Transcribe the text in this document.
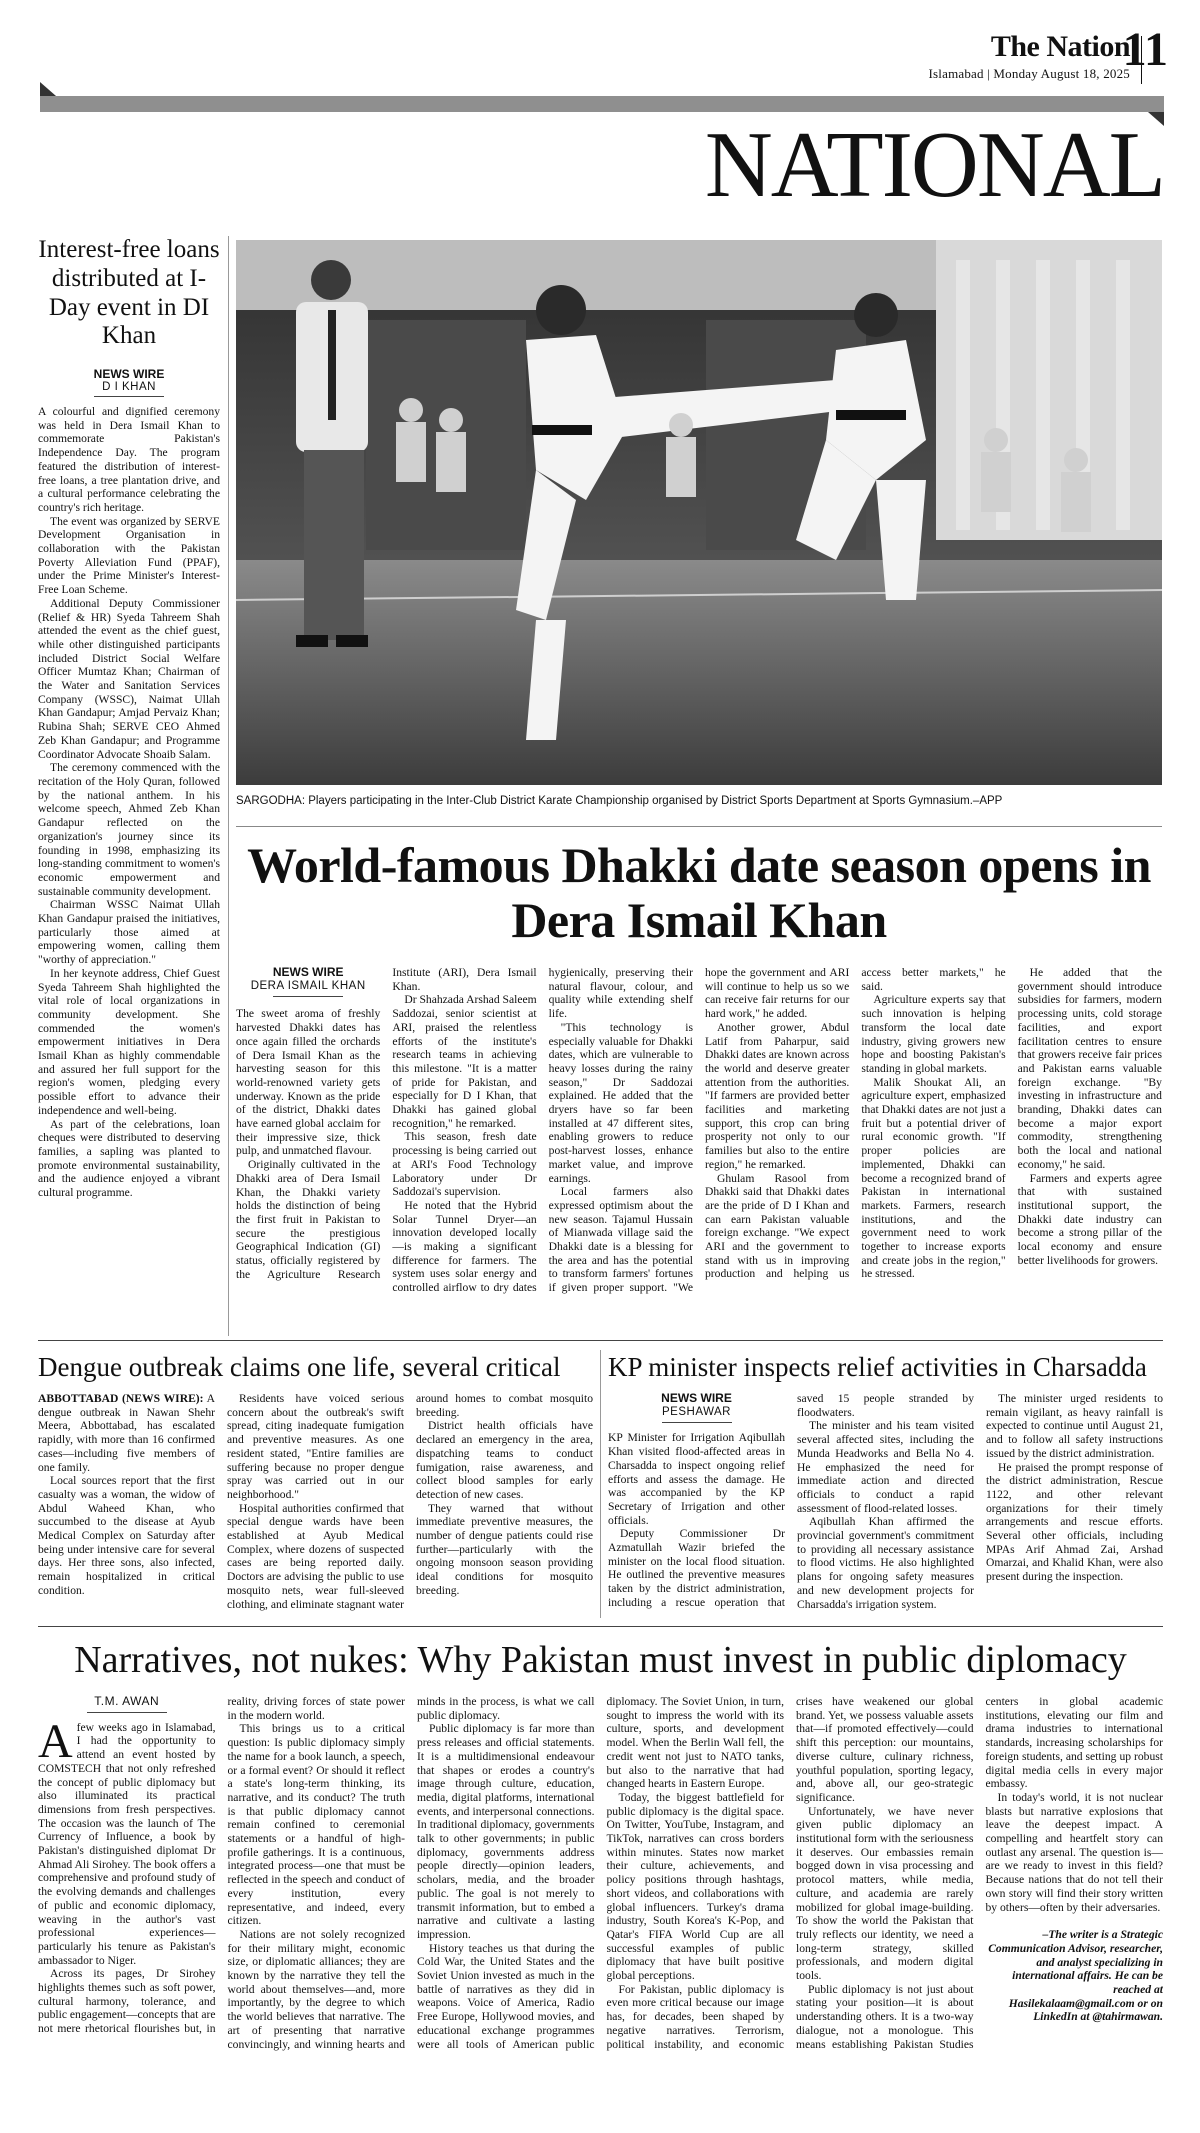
The Nation
Islamabad | Monday August 18, 2025
11
NATIONAL
Interest-free loans distributed at I-Day event in DI Khan
NEWS WIRE
D I KHAN

A colourful and dignified ceremony was held in Dera Ismail Khan to commemorate Pakistan's Independence Day. The program featured the distribution of interest-free loans, a tree plantation drive, and a cultural performance celebrating the country's rich heritage.

The event was organized by SERVE Development Organisation in collaboration with the Pakistan Poverty Alleviation Fund (PPAF), under the Prime Minister's Interest-Free Loan Scheme.

Additional Deputy Commissioner (Relief & HR) Syeda Tahreem Shah attended the event as the chief guest, while other distinguished participants included District Social Welfare Officer Mumtaz Khan; Chairman of the Water and Sanitation Services Company (WSSC), Naimat Ullah Khan Gandapur; Amjad Pervaiz Khan; Rubina Shah; SERVE CEO Ahmed Zeb Khan Gandapur; and Programme Coordinator Advocate Shoaib Salam.

The ceremony commenced with the recitation of the Holy Quran, followed by the national anthem. In his welcome speech, Ahmed Zeb Khan Gandapur reflected on the organization's journey since its founding in 1998, emphasizing its long-standing commitment to women's economic empowerment and sustainable community development.

Chairman WSSC Naimat Ullah Khan Gandapur praised the initiatives, particularly those aimed at empowering women, calling them "worthy of appreciation."

In her keynote address, Chief Guest Syeda Tahreem Shah highlighted the vital role of local organizations in community development. She commended the women's empowerment initiatives in Dera Ismail Khan as highly commendable and assured her full support for the region's women, pledging every possible effort to advance their independence and well-being.

As part of the celebrations, loan cheques were distributed to deserving families, a sapling was planted to promote environmental sustainability, and the audience enjoyed a vibrant cultural programme.

SARGODHA: Players participating in the Inter-Club District Karate Championship organised by District Sports Department at Sports Gymnasium.–APP
World-famous Dhakki date season opens in Dera Ismail Khan
NEWS WIRE
DERA ISMAIL KHAN

The sweet aroma of freshly harvested Dhakki dates has once again filled the orchards of Dera Ismail Khan as the harvesting season for this world-renowned variety gets underway. Known as the pride of the district, Dhakki dates have earned global acclaim for their impressive size, thick pulp, and unmatched flavour.

Originally cultivated in the Dhakki area of Dera Ismail Khan, the Dhakki variety holds the distinction of being the first fruit in Pakistan to secure the prestigious Geographical Indication (GI) status, officially registered by the Agriculture Research Institute (ARI), Dera Ismail Khan.

Dr Shahzada Arshad Saleem Saddozai, senior scientist at ARI, praised the relentless efforts of the institute's research teams in achieving this milestone. "It is a matter of pride for Pakistan, and especially for D I Khan, that Dhakki has gained global recognition," he remarked.

This season, fresh date processing is being carried out at ARI's Food Technology Laboratory under Dr Saddozai's supervision.

He noted that the Hybrid Solar Tunnel Dryer—an innovation developed locally—is making a significant difference for farmers. The system uses solar energy and controlled airflow to dry dates hygienically, preserving their natural flavour, colour, and quality while extending shelf life.

"This technology is especially valuable for Dhakki dates, which are vulnerable to heavy losses during the rainy season," Dr Saddozai explained. He added that the dryers have so far been installed at 47 different sites, enabling growers to reduce post-harvest losses, enhance market value, and improve earnings.

Local farmers also expressed optimism about the new season. Tajamul Hussain of Mianwada village said the Dhakki date is a blessing for the area and has the potential to transform farmers' fortunes if given proper support. "We hope the government and ARI will continue to help us so we can receive fair returns for our hard work," he added.

Another grower, Abdul Latif from Paharpur, said Dhakki dates are known across the world and deserve greater attention from the authorities. "If farmers are provided better facilities and marketing support, this crop can bring prosperity not only to our families but also to the entire region," he remarked.

Ghulam Rasool from Dhakki said that Dhakki dates are the pride of D I Khan and can earn Pakistan valuable foreign exchange. "We expect ARI and the government to stand with us in improving production and helping us access better markets," he said.

Agriculture experts say that such innovation is helping transform the local date industry, giving growers new hope and boosting Pakistan's standing in global markets.

Malik Shoukat Ali, an agriculture expert, emphasized that Dhakki dates are not just a fruit but a potential driver of rural economic growth. "If proper policies are implemented, Dhakki can become a recognized brand of Pakistan in international markets. Farmers, research institutions, and the government need to work together to increase exports and create jobs in the region," he stressed.

He added that the government should introduce subsidies for farmers, modern processing units, cold storage facilities, and export facilitation centres to ensure that growers receive fair prices and Pakistan earns valuable foreign exchange. "By investing in infrastructure and branding, Dhakki dates can become a major export commodity, strengthening both the local and national economy," he said.

Farmers and experts agree that with sustained institutional support, the Dhakki date industry can become a strong pillar of the local economy and ensure better livelihoods for growers.

Dengue outbreak claims one life, several critical

ABBOTTABAD (NEWS WIRE): A dengue outbreak in Nawan Shehr Meera, Abbottabad, has escalated rapidly, with more than 16 confirmed cases—including five members of one family.

Local sources report that the first casualty was a woman, the widow of Abdul Waheed Khan, who succumbed to the disease at Ayub Medical Complex on Saturday after being under intensive care for several days. Her three sons, also infected, remain hospitalized in critical condition.

Residents have voiced serious concern about the outbreak's swift spread, citing inadequate fumigation and preventive measures. As one resident stated, "Entire families are suffering because no proper dengue spray was carried out in our neighborhood."

Hospital authorities confirmed that special dengue wards have been established at Ayub Medical Complex, where dozens of suspected cases are being reported daily. Doctors are advising the public to use mosquito nets, wear full-sleeved clothing, and eliminate stagnant water around homes to combat mosquito breeding.

District health officials have declared an emergency in the area, dispatching teams to conduct fumigation, raise awareness, and collect blood samples for early detection of new cases.

They warned that without immediate preventive measures, the number of dengue patients could rise further—particularly with the ongoing monsoon season providing ideal conditions for mosquito breeding.

KP minister inspects relief activities in Charsadda
NEWS WIRE
PESHAWAR

KP Minister for Irrigation Aqibullah Khan visited flood-affected areas in Charsadda to inspect ongoing relief efforts and assess the damage. He was accompanied by the KP Secretary of Irrigation and other officials.

Deputy Commissioner Dr Azmatullah Wazir briefed the minister on the local flood situation. He outlined the preventive measures taken by the district administration, including a rescue operation that saved 15 people stranded by floodwaters.

The minister and his team visited several affected sites, including the Munda Headworks and Bella No 4. He emphasized the need for immediate action and directed officials to conduct a rapid assessment of flood-related losses.

Aqibullah Khan affirmed the provincial government's commitment to providing all necessary assistance to flood victims. He also highlighted plans for ongoing safety measures and new development projects for Charsadda's irrigation system.

The minister urged residents to remain vigilant, as heavy rainfall is expected to continue until August 21, and to follow all safety instructions issued by the district administration.

He praised the prompt response of the district administration, Rescue 1122, and other relevant organizations for their timely arrangements and rescue efforts. Several other officials, including MPAs Arif Ahmad Zai, Arshad Omarzai, and Khalid Khan, were also present during the inspection.

Narratives, not nukes: Why Pakistan must invest in public diplomacy
T.M. AWAN

Afew weeks ago in Islamabad, I had the opportunity to attend an event hosted by COMSTECH that not only refreshed the concept of public diplomacy but also illuminated its practical dimensions from fresh perspectives. The occasion was the launch of The Currency of Influence, a book by Pakistan's distinguished diplomat Dr Ahmad Ali Sirohey. The book offers a comprehensive and profound study of the evolving demands and challenges of public and economic diplomacy, weaving in the author's vast professional experiences—particularly his tenure as Pakistan's ambassador to Niger.

Across its pages, Dr Sirohey highlights themes such as soft power, cultural harmony, tolerance, and public engagement—concepts that are not mere rhetorical flourishes but, in reality, driving forces of state power in the modern world.

This brings us to a critical question: Is public diplomacy simply the name for a book launch, a speech, or a formal event? Or should it reflect a state's long-term thinking, its narrative, and its conduct? The truth is that public diplomacy cannot remain confined to ceremonial statements or a handful of high-profile gatherings. It is a continuous, integrated process—one that must be reflected in the speech and conduct of every institution, every representative, and indeed, every citizen.

Nations are not solely recognized for their military might, economic size, or diplomatic alliances; they are known by the narrative they tell the world about themselves—and, more importantly, by the degree to which the world believes that narrative. The art of presenting that narrative convincingly, and winning hearts and minds in the process, is what we call public diplomacy.

Public diplomacy is far more than press releases and official statements. It is a multidimensional endeavour that shapes or erodes a country's image through culture, education, media, digital platforms, international events, and interpersonal connections. In traditional diplomacy, governments talk to other governments; in public diplomacy, governments address people directly—opinion leaders, scholars, media, and the broader public. The goal is not merely to transmit information, but to embed a narrative and cultivate a lasting impression.

History teaches us that during the Cold War, the United States and the Soviet Union invested as much in the battle of narratives as they did in weapons. Voice of America, Radio Free Europe, Hollywood movies, and educational exchange programmes were all tools of American public diplomacy. The Soviet Union, in turn, sought to impress the world with its culture, sports, and development model. When the Berlin Wall fell, the credit went not just to NATO tanks, but also to the narrative that had changed hearts in Eastern Europe.

Today, the biggest battlefield for public diplomacy is the digital space. On Twitter, YouTube, Instagram, and TikTok, narratives can cross borders within minutes. States now market their culture, achievements, and policy positions through hashtags, short videos, and collaborations with global influencers. Turkey's drama industry, South Korea's K-Pop, and Qatar's FIFA World Cup are all successful examples of public diplomacy that have built positive global perceptions.

For Pakistan, public diplomacy is even more critical because our image has, for decades, been shaped by negative narratives. Terrorism, political instability, and economic crises have weakened our global brand. Yet, we possess valuable assets that—if promoted effectively—could shift this perception: our mountains, diverse culture, culinary richness, youthful population, sporting legacy, and, above all, our geo-strategic significance.

Unfortunately, we have never given public diplomacy an institutional form with the seriousness it deserves. Our embassies remain bogged down in visa processing and protocol matters, while media, culture, and academia are rarely mobilized for global image-building. To show the world the Pakistan that truly reflects our identity, we need a long-term strategy, skilled professionals, and modern digital tools.

Public diplomacy is not just about stating your position—it is about understanding others. It is a two-way dialogue, not a monologue. This means establishing Pakistan Studies centers in global academic institutions, elevating our film and drama industries to international standards, increasing scholarships for foreign students, and setting up robust digital media cells in every major embassy.

In today's world, it is not nuclear blasts but narrative explosions that leave the deepest impact. A compelling and heartfelt story can outlast any arsenal. The question is—are we ready to invest in this field? Because nations that do not tell their own story will find their story written by others—often by their adversaries.

–The writer is a Strategic Communication Advisor, researcher, and analyst specializing in international affairs. He can be reached at Hasilekalaam@gmail.com or on LinkedIn at @tahirmawan.
